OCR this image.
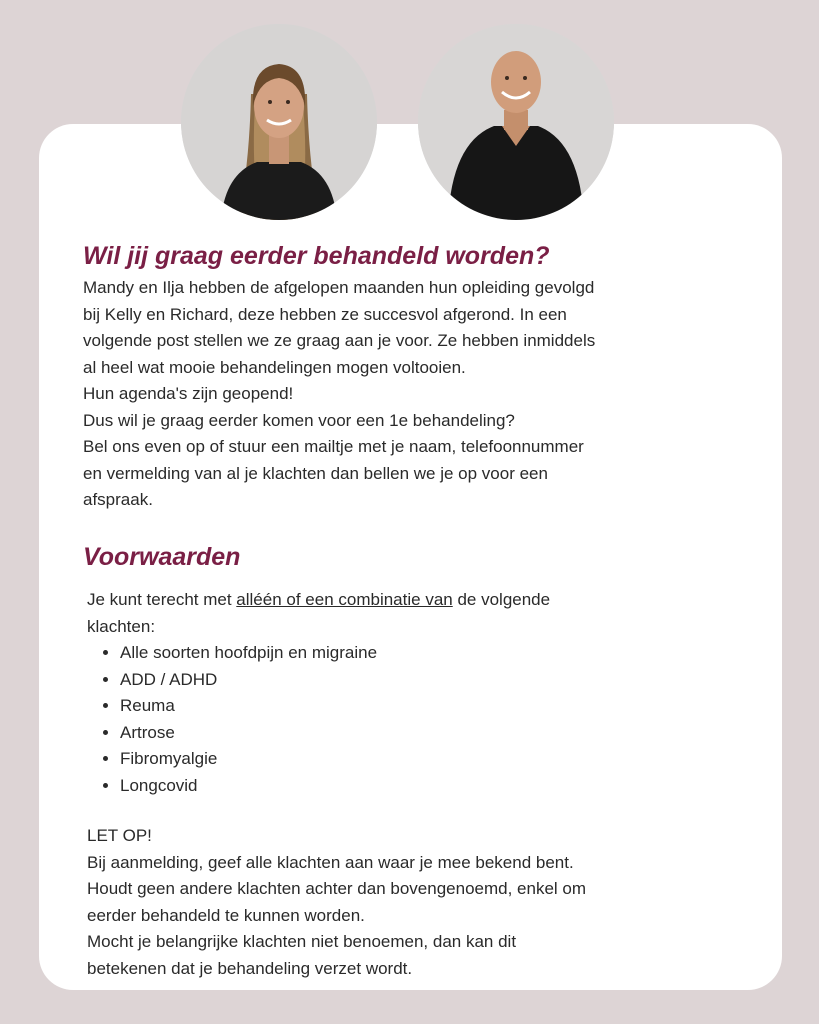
Wil jij graag eerder behandeld worden?

Mandy en Ilja hebben de afgelopen maanden hun opleiding gevolgd
bij Kelly en Richard, deze hebben ze succesvol afgerond. In een
volgende post stellen we ze graag aan je voor. Ze hebben inmiddels
al heel wat mooie behandelingen mogen voltooien.
Hun agenda's zijn geopend!
Dus wil je graag eerder komen voor een 1e behandeling?
Bel ons even op of stuur een mailtje met je naam, telefoonnummer
en vermelding van al je klachten dan bellen we je op voor een
afspraak.

Voorwaarden
Je kunt terecht met alléén of een combinatie van de volgende
klachten:
• Alle soorten hoofdpijn en migraine
• ADD / ADHD
• Reuma
• Artrose
• Fibromyalgie
• Longcovid
LET OP!
Bij aanmelding, geef alle klachten aan waar je mee bekend bent.
Houdt geen andere klachten achter dan bovengenoemd, enkel om
eerder behandeld te kunnen worden.
Mocht je belangrijke klachten niet benoemen, dan kan dit
betekenen dat je behandeling verzet wordt.
